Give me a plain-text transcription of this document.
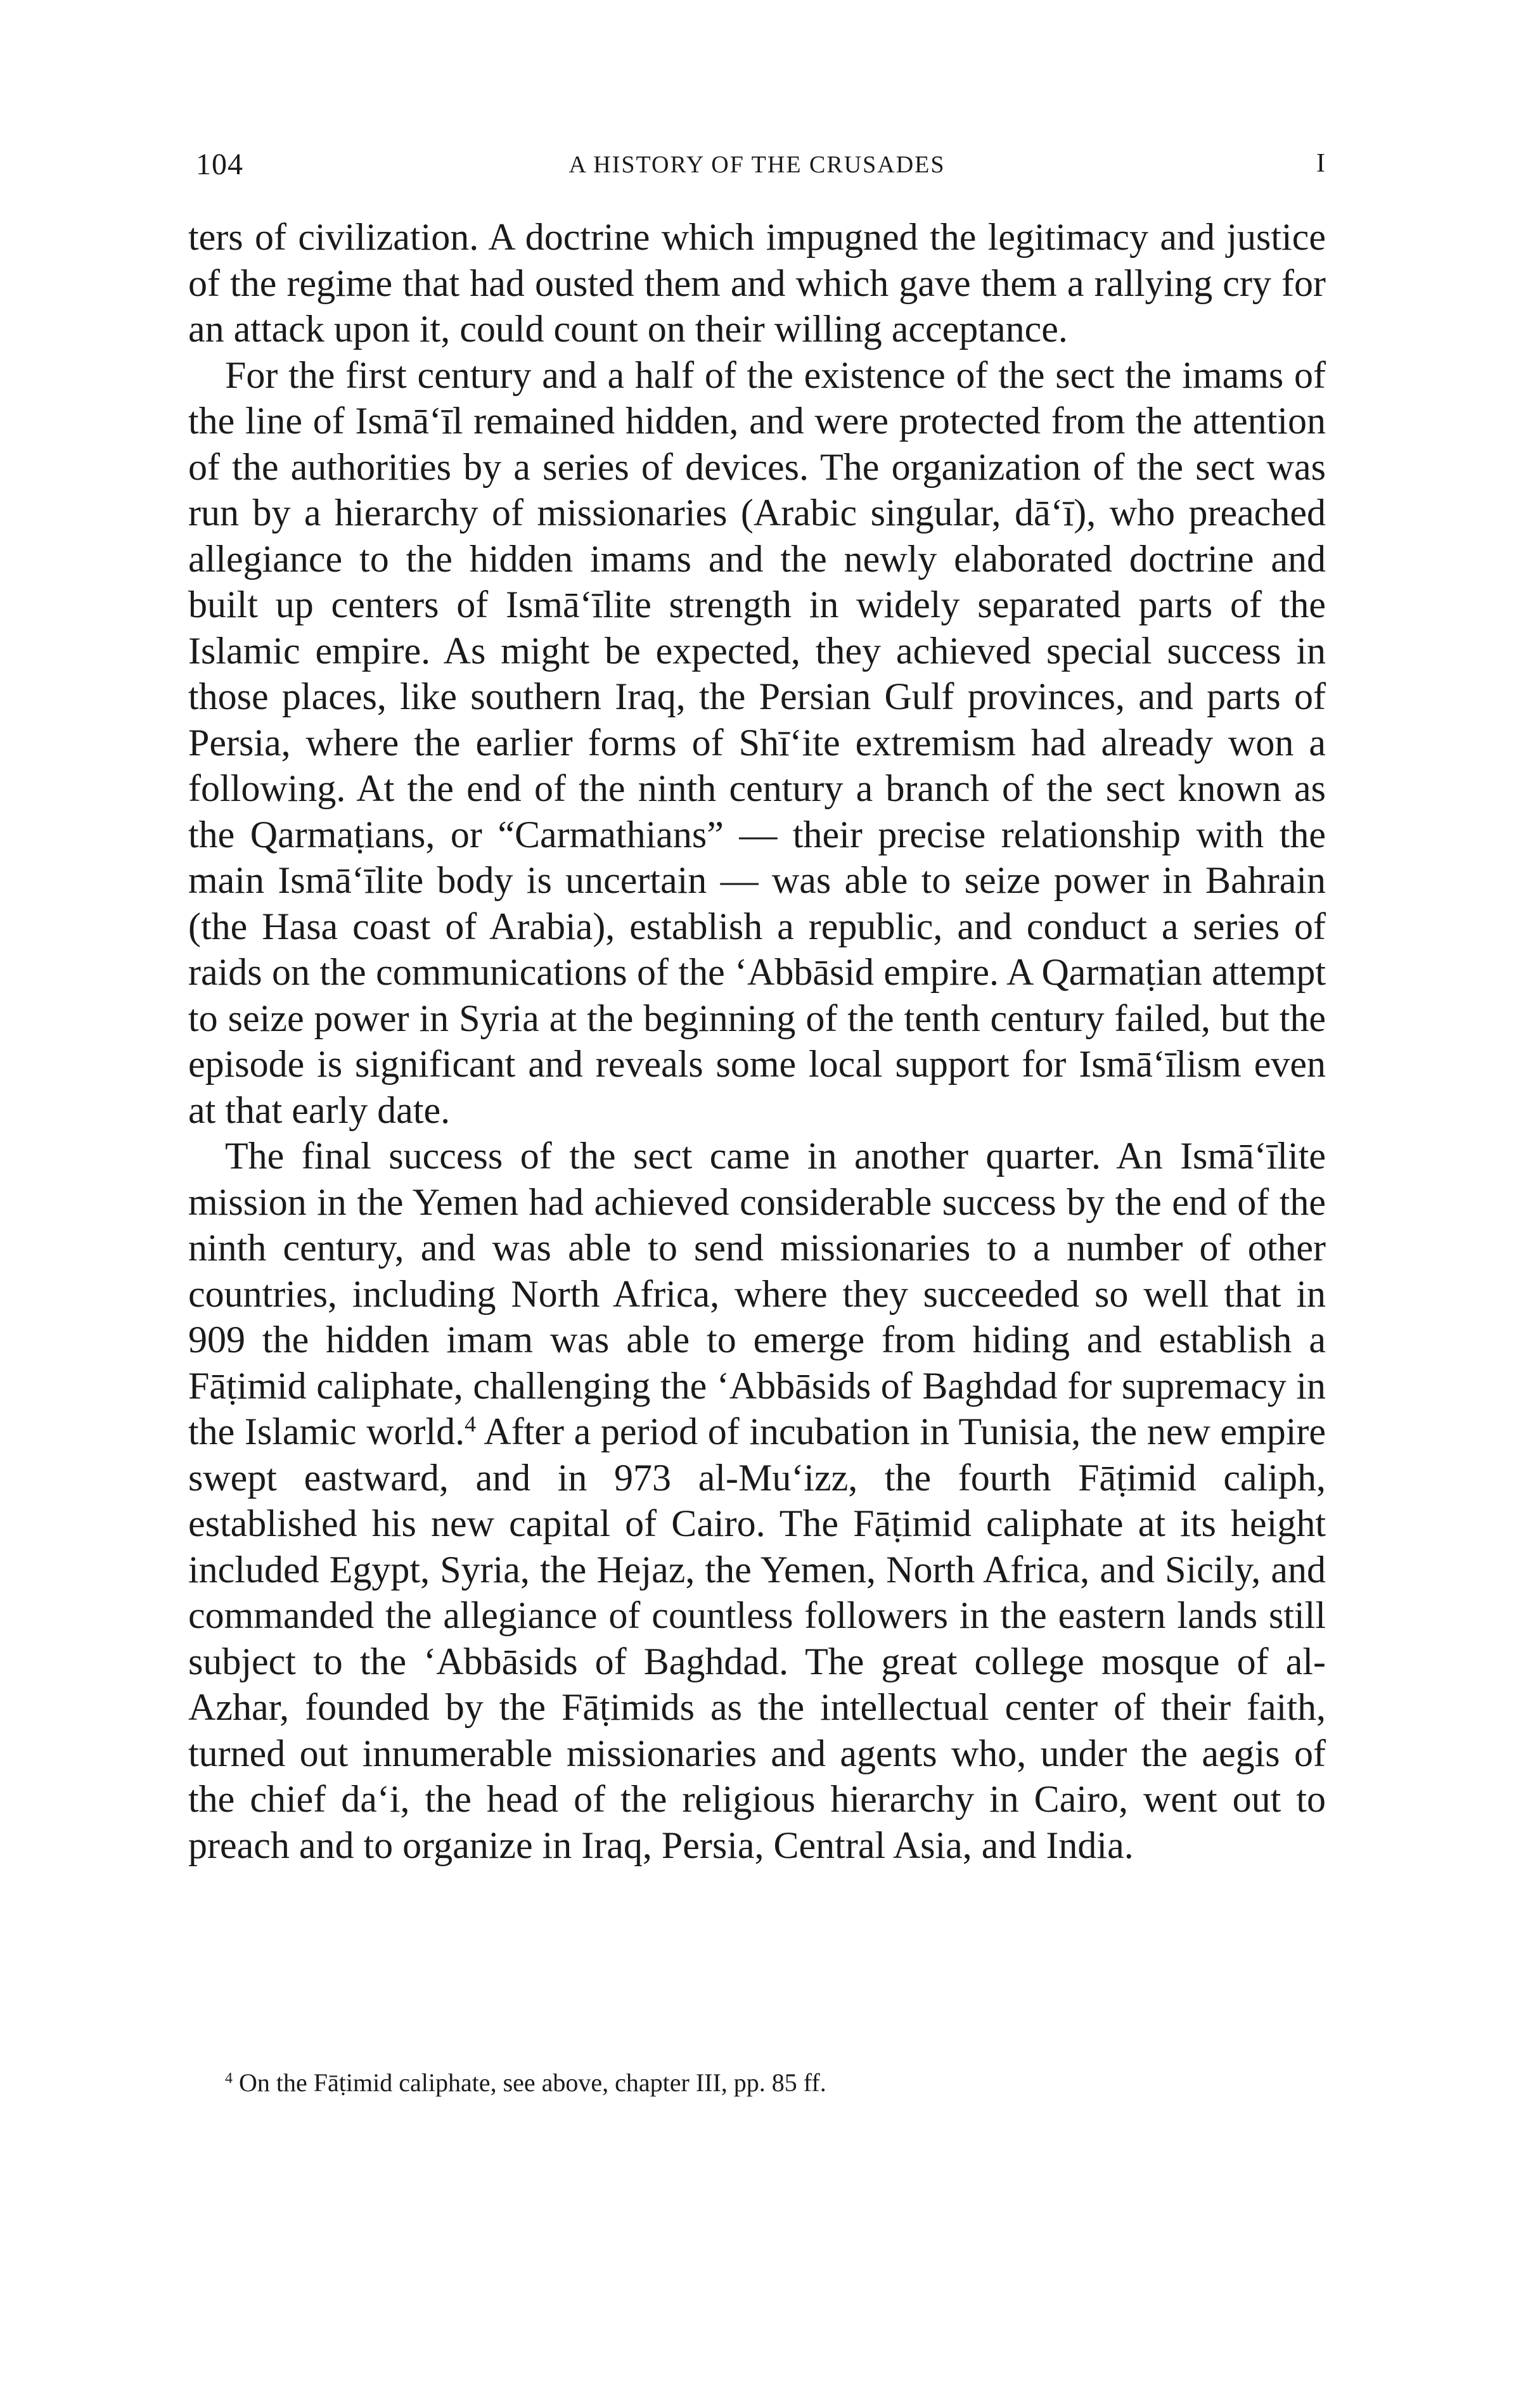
104	A HISTORY OF THE CRUSADES	I

ters of civilization. A doctrine which impugned the legitimacy and justice of the regime that had ousted them and which gave them a rallying cry for an attack upon it, could count on their willing acceptance.

For the first century and a half of the existence of the sect the imams of the line of Ismā‘īl remained hidden, and were protected from the attention of the authorities by a series of devices. The organization of the sect was run by a hierarchy of missionaries (Arabic singular, dā‘ī), who preached allegiance to the hidden imams and the newly elaborated doctrine and built up centers of Ismā‘īlite strength in widely separated parts of the Islamic empire. As might be expected, they achieved special success in those places, like southern Iraq, the Persian Gulf provinces, and parts of Persia, where the earlier forms of Shī‘ite extremism had already won a following. At the end of the ninth century a branch of the sect known as the Qarmaṭians, or “Carmathians” — their precise relationship with the main Ismā‘īlite body is uncertain — was able to seize power in Bahrain (the Hasa coast of Arabia), establish a republic, and conduct a series of raids on the communications of the ‘Abbāsid empire. A Qarmaṭian attempt to seize power in Syria at the beginning of the tenth century failed, but the episode is significant and reveals some local support for Ismā‘īlism even at that early date.

The final success of the sect came in another quarter. An Ismā‘īlite mission in the Yemen had achieved considerable success by the end of the ninth century, and was able to send missionaries to a number of other countries, including North Africa, where they succeeded so well that in 909 the hidden imam was able to emerge from hiding and establish a Fāṭimid caliphate, challenging the ‘Abbāsids of Baghdad for supremacy in the Islamic world.$^4$ After a period of incubation in Tunisia, the new empire swept eastward, and in 973 al-Mu‘izz, the fourth Fāṭimid caliph, established his new capital of Cairo. The Fāṭimid caliphate at its height included Egypt, Syria, the Hejaz, the Yemen, North Africa, and Sicily, and commanded the allegiance of countless followers in the eastern lands still subject to the ‘Abbāsids of Baghdad. The great college mosque of al-Azhar, founded by the Fāṭimids as the intellectual center of their faith, turned out innumerable missionaries and agents who, under the aegis of the chief da‘i, the head of the religious hierarchy in Cairo, went out to preach and to organize in Iraq, Persia, Central Asia, and India.

$^4$ On the Fāṭimid caliphate, see above, chapter III, pp. 85 ff.
